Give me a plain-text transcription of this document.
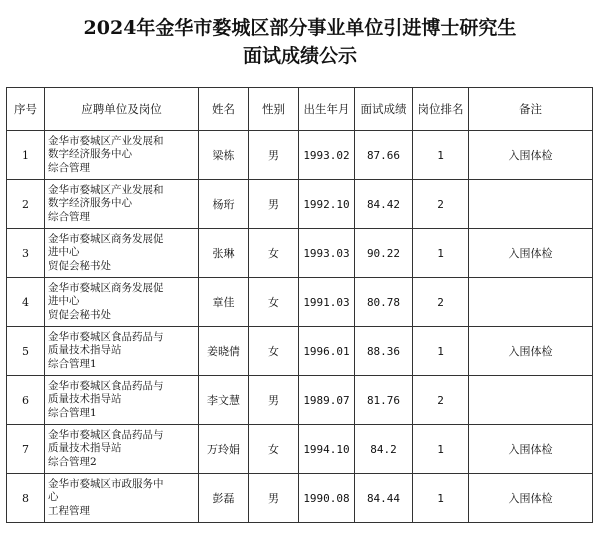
2024年金华市婺城区部分事业单位引进博士研究生
面试成绩公示
序号	应聘单位及岗位	姓名	性别	出生年月	面试成绩	岗位排名	备注
1	金华市婺城区产业发展和
数字经济服务中心
综合管理	梁栋	男	1993.02	87.66	1	入围体检
2	金华市婺城区产业发展和
数字经济服务中心
综合管理	杨珩	男	1992.10	84.42	2	
3	金华市婺城区商务发展促
进中心
贸促会秘书处	张琳	女	1993.03	90.22	1	入围体检
4	金华市婺城区商务发展促
进中心
贸促会秘书处	章佳	女	1991.03	80.78	2	
5	金华市婺城区食品药品与
质量技术指导站
综合管理1	姜晓倩	女	1996.01	88.36	1	入围体检
6	金华市婺城区食品药品与
质量技术指导站
综合管理1	李文慧	男	1989.07	81.76	2	
7	金华市婺城区食品药品与
质量技术指导站
综合管理2	万玲娟	女	1994.10	84.2	1	入围体检
8	金华市婺城区市政服务中
心
工程管理	彭磊	男	1990.08	84.44	1	入围体检
